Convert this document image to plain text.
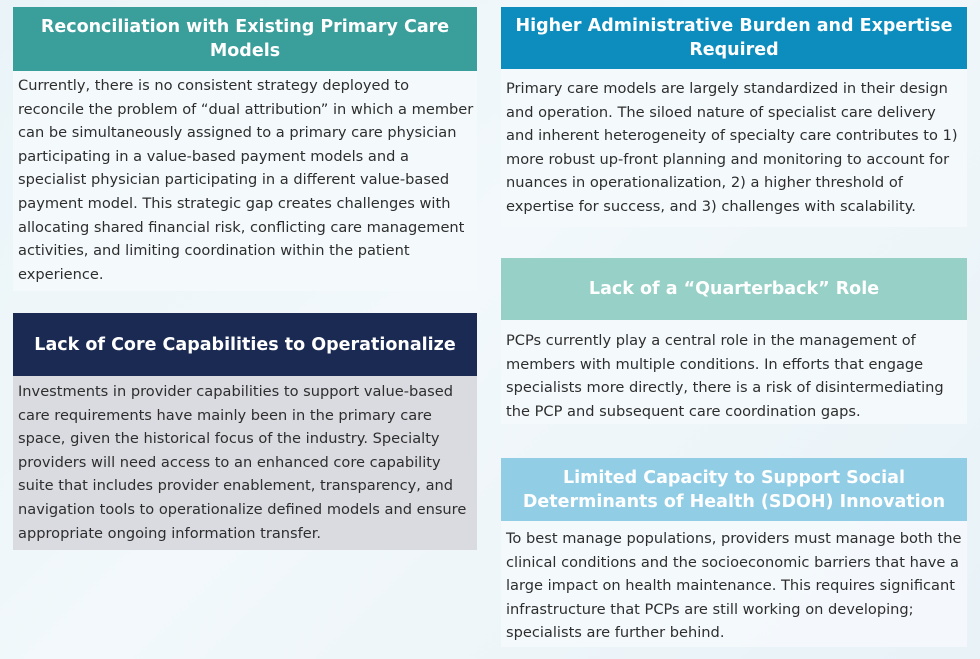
Reconciliation with Existing Primary Care Models
Currently, there is no consistent strategy deployed to reconcile the problem of “dual attribution” in which a member can be simultaneously assigned to a primary care physician participating in a value-based payment models and a specialist physician participating in a different value-based payment model. This strategic gap creates challenges with allocating shared financial risk, conflicting care management activities, and limiting coordination within the patient experience.
Lack of Core Capabilities to Operationalize
Investments in provider capabilities to support value-based care requirements have mainly been in the primary care space, given the historical focus of the industry. Specialty providers will need access to an enhanced core capability suite that includes provider enablement, transparency, and navigation tools to operationalize defined models and ensure appropriate ongoing information transfer.
Higher Administrative Burden and Expertise Required
Primary care models are largely standardized in their design and operation. The siloed nature of specialist care delivery and inherent heterogeneity of specialty care contributes to 1) more robust up-front planning and monitoring to account for nuances in operationalization, 2) a higher threshold of expertise for success, and 3) challenges with scalability.
Lack of a “Quarterback” Role
PCPs currently play a central role in the management of members with multiple conditions. In efforts that engage specialists more directly, there is a risk of disintermediating the PCP and subsequent care coordination gaps.
Limited Capacity to Support Social Determinants of Health (SDOH) Innovation
To best manage populations, providers must manage both the clinical conditions and the socioeconomic barriers that have a large impact on health maintenance. This requires significant infrastructure that PCPs are still working on developing; specialists are further behind.
